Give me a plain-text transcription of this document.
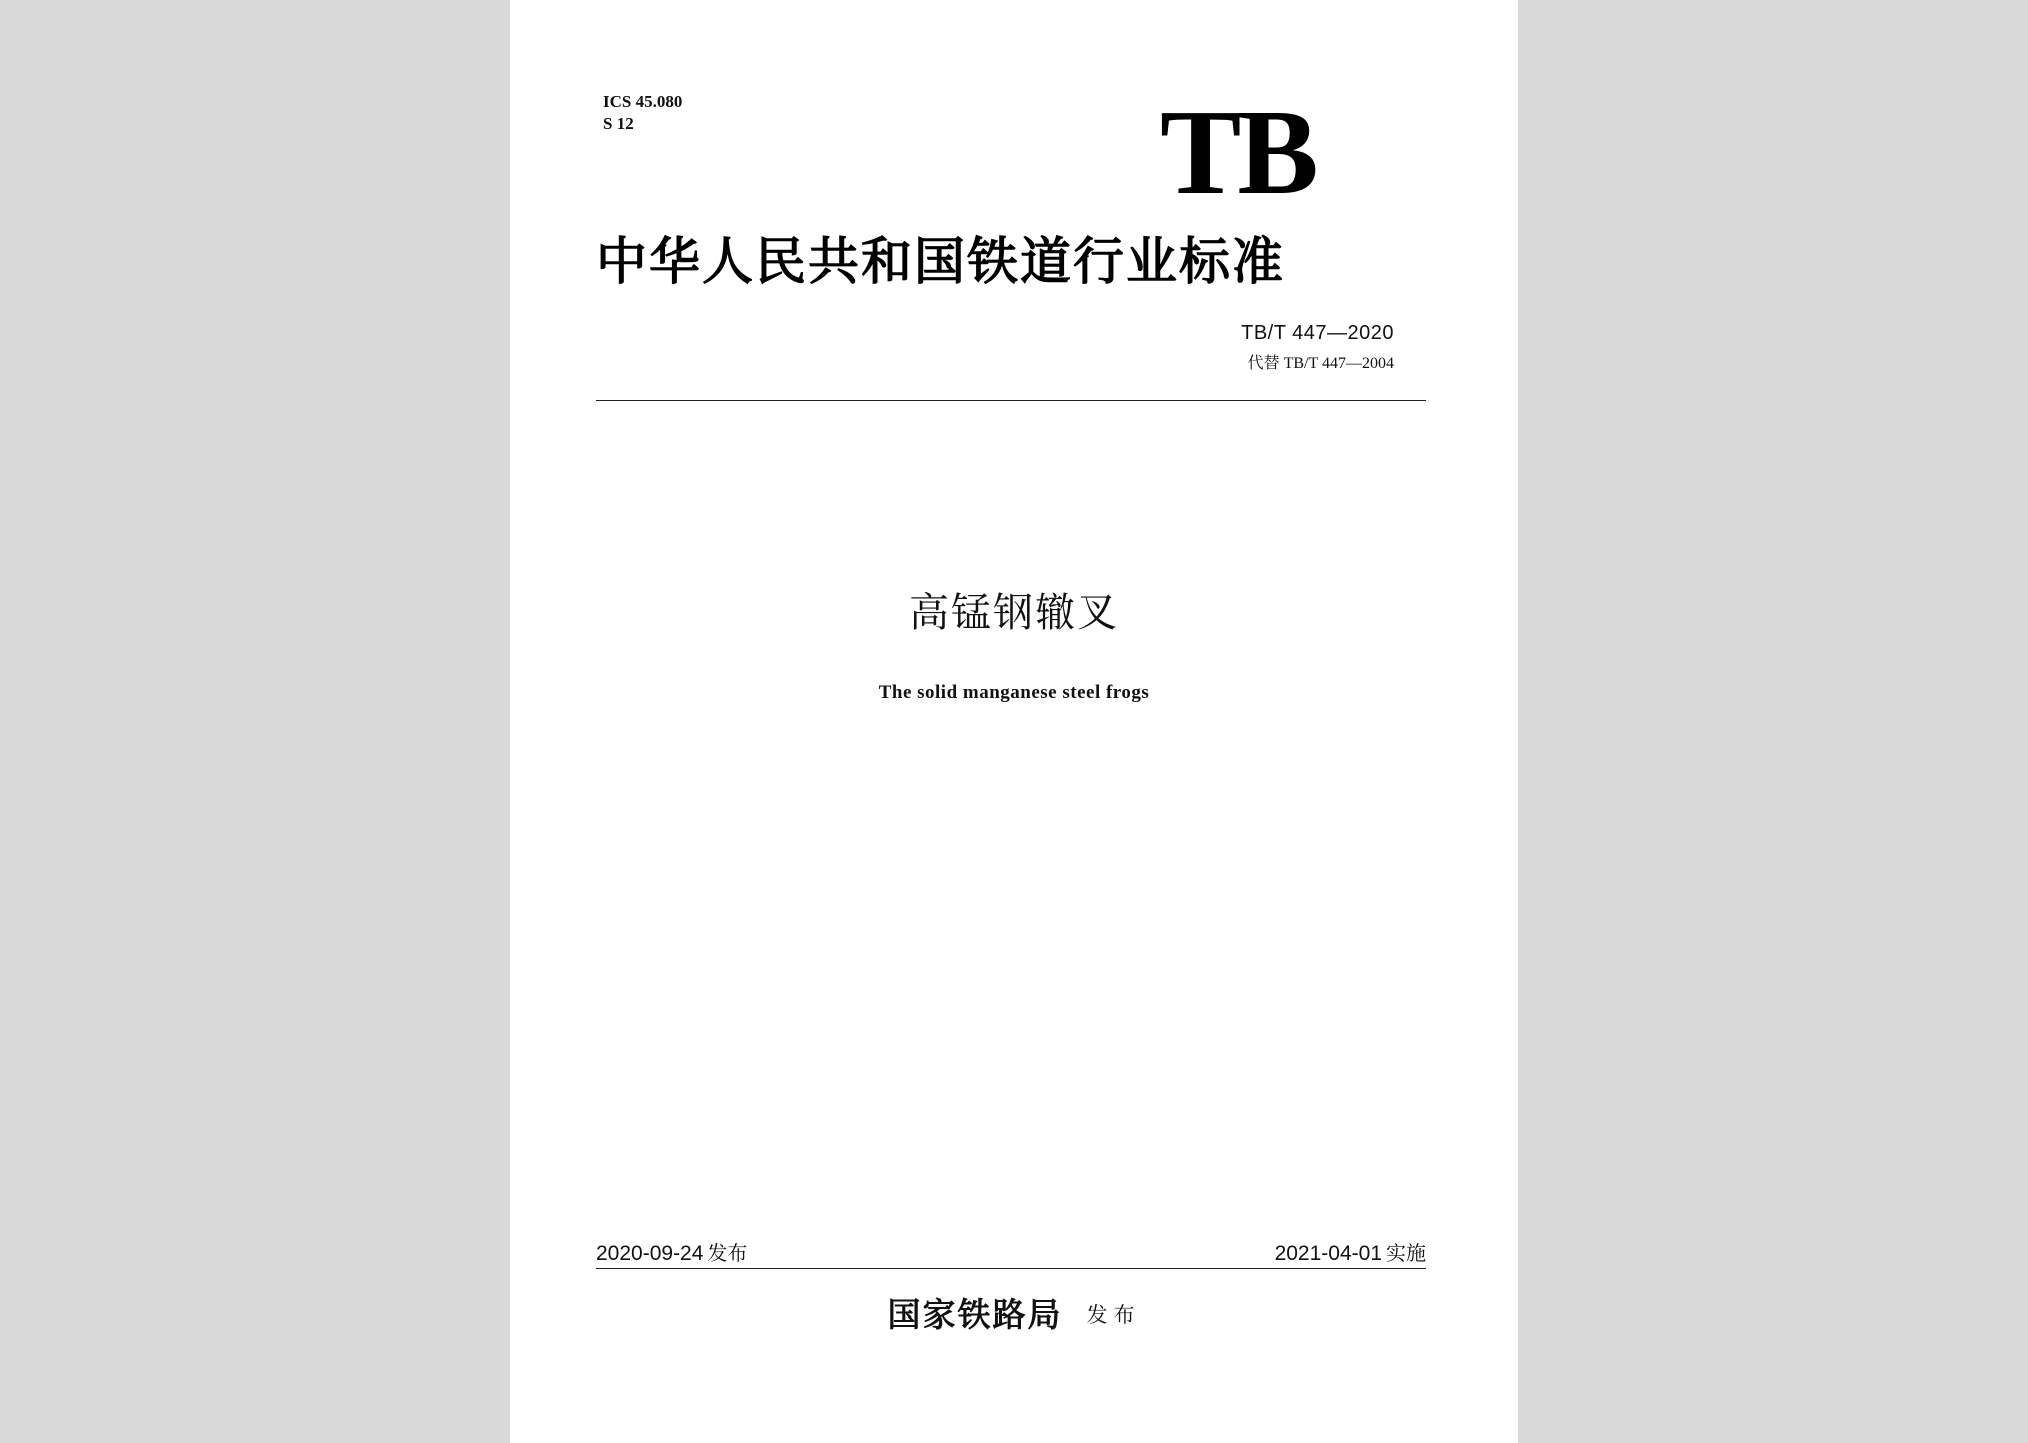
ICS 45.080
S 12	TB
中华人民共和国铁道行业标准
TB/T 447—2020
代替 TB/T 447—2004
高锰钢辙叉
The solid manganese steel frogs
2020-09-24 发布	2021-04-01 实施
国家铁路局 发布
